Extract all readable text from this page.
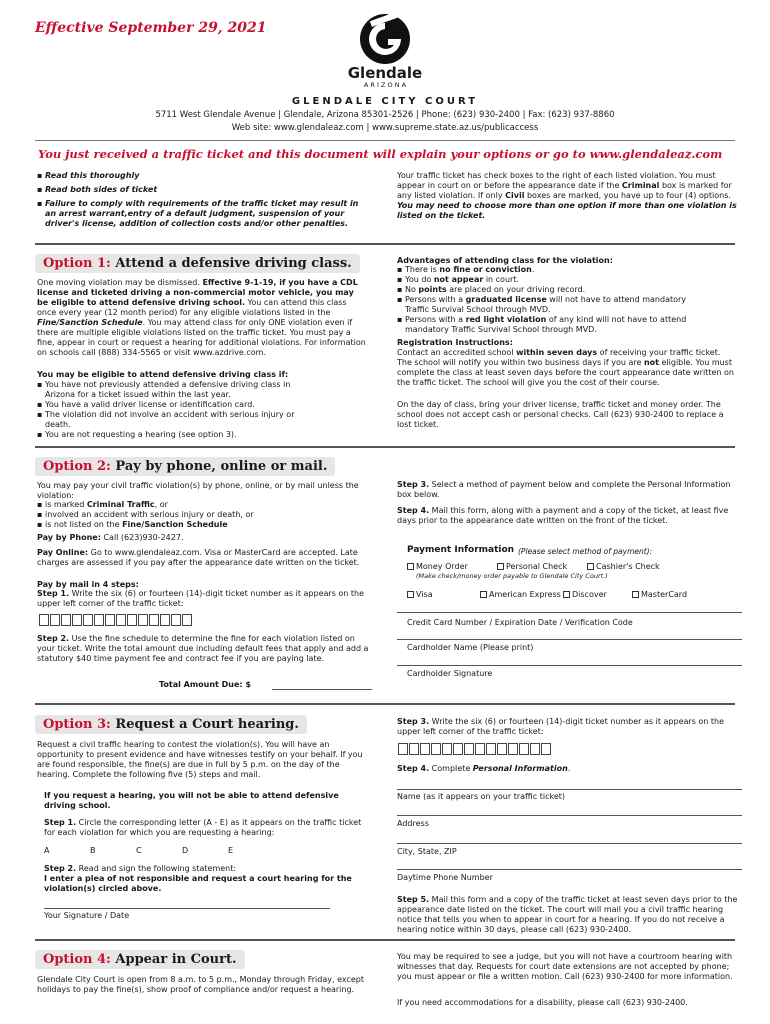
Effective September 29, 2021
Glendale
A R I Z O N A
GLENDALE CITY COURT
5711 West Glendale Avenue | Glendale, Arizona 85301-2526 | Phone: (623) 930-2400 | Fax: (623) 937-8860
Web site: www.glendaleaz.com | www.supreme.state.az.us/publicaccess
You just received a traffic ticket and this document will explain your options or go to www.glendaleaz.com
▪ Read this thoroughly
▪ Read both sides of ticket
▪ Failure to comply with requirements of the traffic ticket may result in an arrest warrant,entry of a default judgment, suspension of your driver's license, addition of collection costs and/or other penalties.
Your traffic ticket has check boxes to the right of each listed violation. You must appear in court on or before the appearance date if the Criminal box is marked for any listed violation. If only Civil boxes are marked, you have up to four (4) options. You may need to choose more than one option if more than one violation is listed on the ticket.
Option 1: Attend a defensive driving class.
One moving violation may be dismissed. Effective 9-1-19, if you have a CDL license and ticketed driving a non-commercial motor vehicle, you may be eligible to attend defensive driving school. You can attend this class once every year (12 month period) for any eligible violations listed in the Fine/Sanction Schedule. You may attend class for only ONE violation even if there are multiple eligible violations listed on the traffic ticket. You must pay a fine, appear in court or request a hearing for additional violations. For information on schools call (888) 334-5565 or visit www.azdrive.com.
You may be eligible to attend defensive driving class if:
▪ You have not previously attended a defensive driving class in Arizona for a ticket issued within the last year.
▪ You have a valid driver license or identification card.
▪ The violation did not involve an accident with serious injury or death.
▪ You are not requesting a hearing (see option 3).
Advantages of attending class for the violation:
▪ There is no fine or conviction.
▪ You do not appear in court.
▪ No points are placed on your driving record.
▪ Persons with a graduated license will not have to attend mandatory Traffic Survival School through MVD.
▪ Persons with a red light violation of any kind will not have to attend mandatory Traffic Survival School through MVD.
Registration Instructions:
Contact an accredited school within seven days of receiving your traffic ticket. The school will notify you within two business days if you are not eligible. You must complete the class at least seven days before the court appearance date written on the traffic ticket. The school will give you the cost of their course.
On the day of class, bring your driver license, traffic ticket and money order. The school does not accept cash or personal checks. Call (623) 930-2400 to replace a lost ticket.
Option 2: Pay by phone, online or mail.
You may pay your civil traffic violation(s) by phone, online, or by mail unless the violation:
▪ is marked Criminal Traffic, or
▪ involved an accident with serious injury or death, or
▪ is not listed on the Fine/Sanction Schedule
Pay by Phone: Call (623)930-2427.
Pay Online: Go to www.glendaleaz.com. Visa or MasterCard are accepted. Late charges are assessed if you pay after the appearance date written on the ticket.
Pay by mail in 4 steps:
Step 1. Write the six (6) or fourteen (14)-digit ticket number as it appears on the upper left corner of the traffic ticket:
Step 2. Use the fine schedule to determine the fine for each violation listed on your ticket. Write the total amount due including default fees that apply and add a statutory $40 time payment fee and contract fee if you are paying late.
Total Amount Due: $
Step 3. Select a method of payment below and complete the Personal Information box below.
Step 4. Mail this form, along with a payment and a copy of the ticket, at least five days prior to the appearance date written on the front of the ticket.
Payment Information (Please select method of payment):
Money Order	Personal Check	Cashier's Check
(Make check/money order payable to Glendale City Court.)
Visa	American Express	Discover	MasterCard
Credit Card Number / Expiration Date / Verification Code
Cardholder Name (Please print)
Cardholder Signature
Option 3: Request a Court hearing.
Request a civil traffic hearing to contest the violation(s). You will have an opportunity to present evidence and have witnesses testify on your behalf. If you are found responsible, the fine(s) are due in full by 5 p.m. on the day of the hearing. Complete the following five (5) steps and mail.
If you request a hearing, you will not be able to attend defensive driving school.
Step 1. Circle the corresponding letter (A - E) as it appears on the traffic ticket for each violation for which you are requesting a hearing:
A	B	C	D	E
Step 2. Read and sign the following statement:
I enter a plea of not responsible and request a court hearing for the violation(s) circled above.
Your Signature / Date
Step 3. Write the six (6) or fourteen (14)-digit ticket number as it appears on the upper left corner of the traffic ticket:
Step 4. Complete Personal Information.
Name (as it appears on your traffic ticket)
Address
City, State, ZIP
Daytime Phone Number
Step 5. Mail this form and a copy of the traffic ticket at least seven days prior to the appearance date listed on the ticket. The court will mail you a civil traffic hearing notice that tells you when to appear in court for a hearing. If you do not receive a hearing notice within 30 days, please call (623) 930-2400.
Option 4: Appear in Court.
Glendale City Court is open from 8 a.m. to 5 p.m., Monday through Friday, except holidays to pay the fine(s), show proof of compliance and/or request a hearing.
You may be required to see a judge, but you will not have a courtroom hearing with witnesses that day. Requests for court date extensions are not accepted by phone; you must appear or file a written motion. Call (623) 930-2400 for more information.
If you need accommodations for a disability, please call (623) 930-2400.
